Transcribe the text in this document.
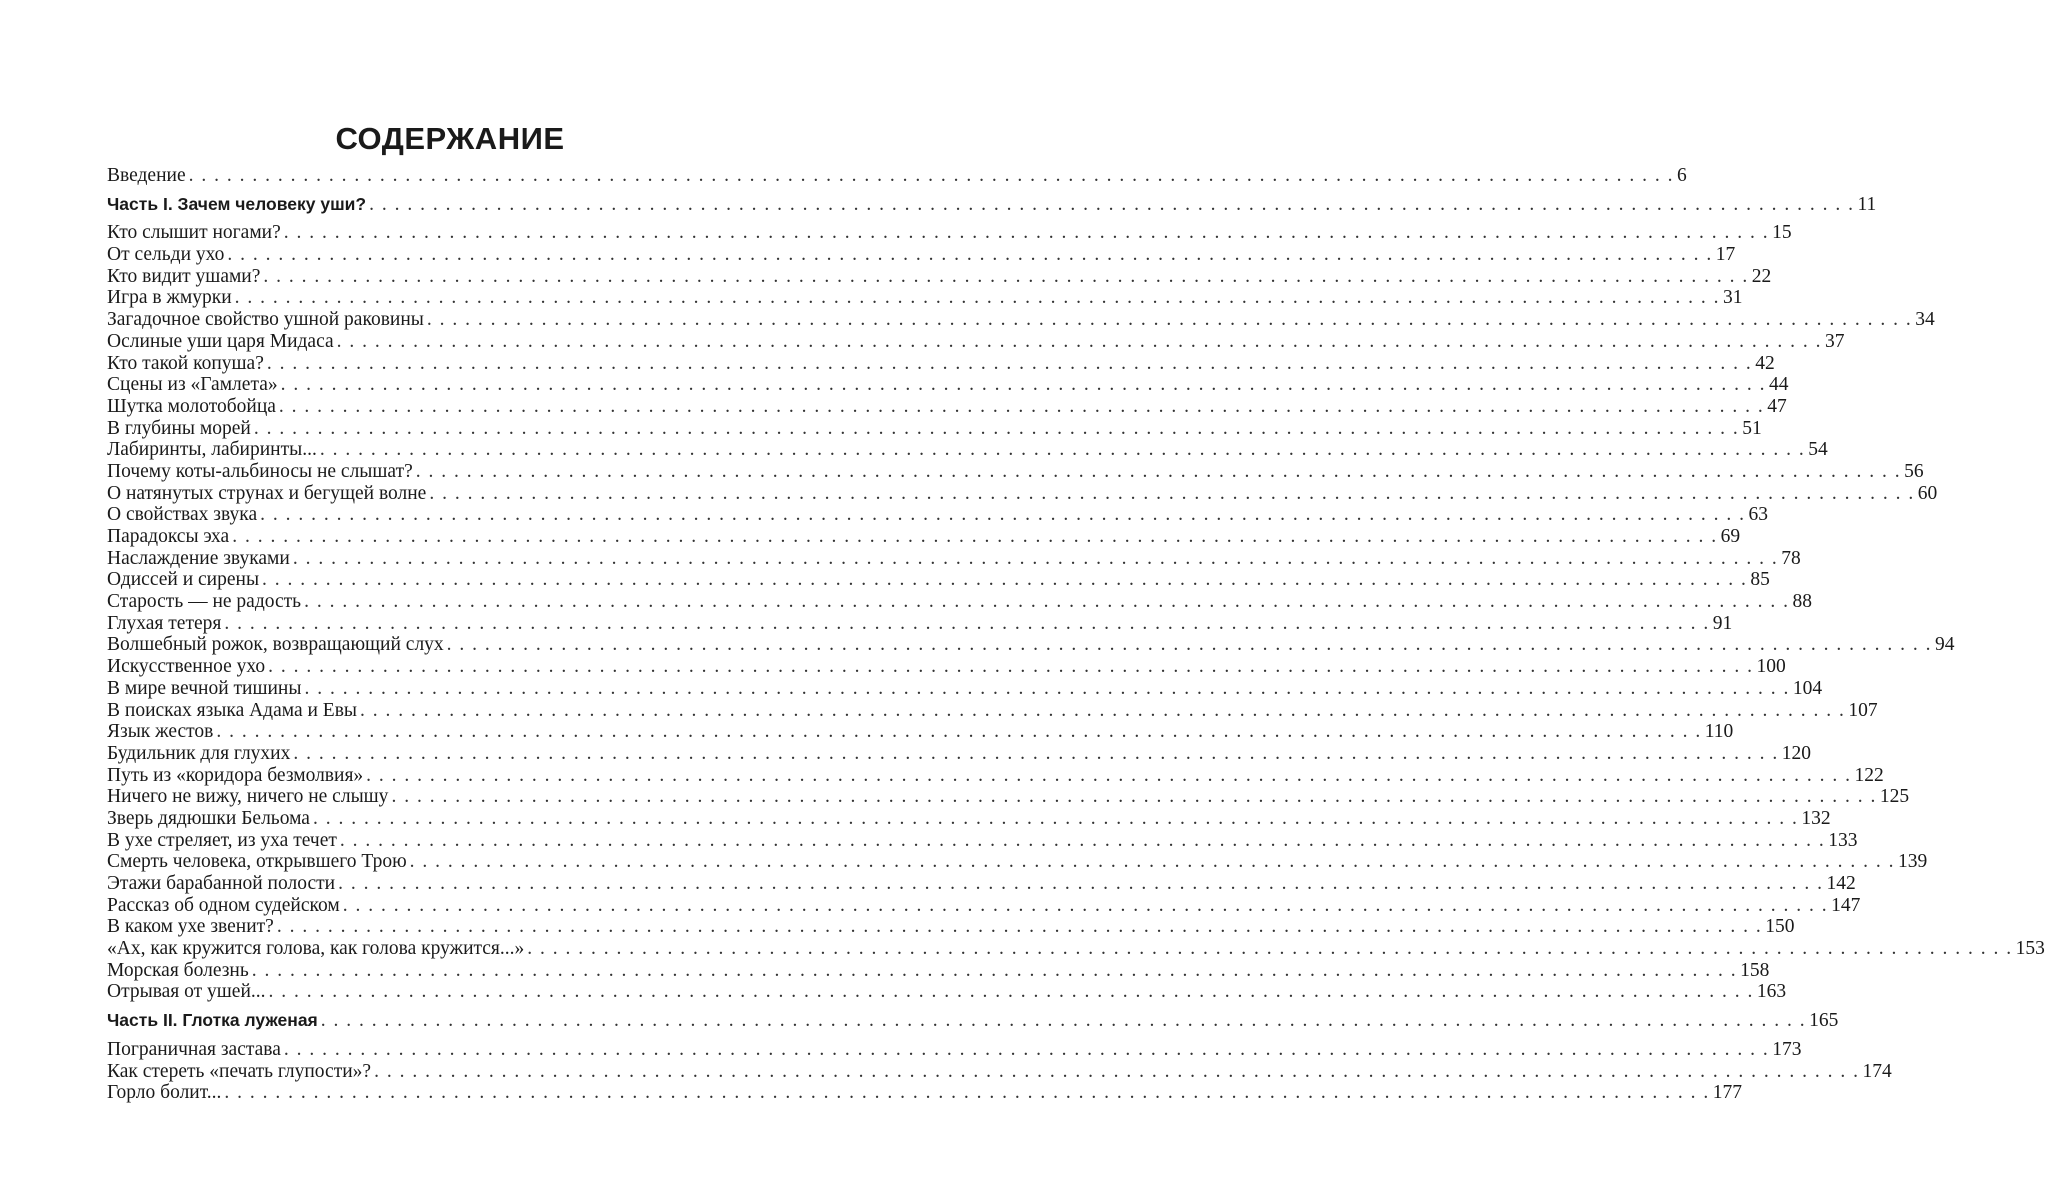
СОДЕРЖАНИЕ
Введение . . . . . . . . . . . . . . . . . . . . . . . . . . . . . . . . . . . . . . . . . . . . . . . . . . . . . . . . . . . . . . . . . . . . . . . . . . . . . . . . . . . . . . . . . . . . . . . . . . . . . . . . . . . . . . . . . . . . . 6
Часть I. Зачем человеку уши? . . . . . . . . . . . . . . . . . . . . . . . . . . . . . . . . . . . . . . . . . . . . . . . . . . . . . . . . . . . . . . . . . . . . . . . . . . . . . . . . . . . . . . . . . . . . . . . . . . . . . . . . . . . . . . . . . . . . . 11
Кто слышит ногами? . . . . . . . . . . . . . . . . . . . . . . . . . . . . . . . . . . . . . . . . . . . . . . . . . . . . . . . . . . . . . . . . . . . . . . . . . . . . . . . . . . . . . . . . . . . . . . . . . . . . . . . . . . . . . . . . . . . . . 15
От сельди ухо . . . . . . . . . . . . . . . . . . . . . . . . . . . . . . . . . . . . . . . . . . . . . . . . . . . . . . . . . . . . . . . . . . . . . . . . . . . . . . . . . . . . . . . . . . . . . . . . . . . . . . . . . . . . . . . . . . . . . 17
Кто видит ушами? . . . . . . . . . . . . . . . . . . . . . . . . . . . . . . . . . . . . . . . . . . . . . . . . . . . . . . . . . . . . . . . . . . . . . . . . . . . . . . . . . . . . . . . . . . . . . . . . . . . . . . . . . . . . . . . . . . . . . 22
Игра в жмурки . . . . . . . . . . . . . . . . . . . . . . . . . . . . . . . . . . . . . . . . . . . . . . . . . . . . . . . . . . . . . . . . . . . . . . . . . . . . . . . . . . . . . . . . . . . . . . . . . . . . . . . . . . . . . . . . . . . . . 31
Загадочное свойство ушной раковины . . . . . . . . . . . . . . . . . . . . . . . . . . . . . . . . . . . . . . . . . . . . . . . . . . . . . . . . . . . . . . . . . . . . . . . . . . . . . . . . . . . . . . . . . . . . . . . . . . . . . . . . . . . . . . . . . . . . . 34
Ослиные уши царя Мидаса . . . . . . . . . . . . . . . . . . . . . . . . . . . . . . . . . . . . . . . . . . . . . . . . . . . . . . . . . . . . . . . . . . . . . . . . . . . . . . . . . . . . . . . . . . . . . . . . . . . . . . . . . . . . . . . . . . . . . 37
Кто такой копуша? . . . . . . . . . . . . . . . . . . . . . . . . . . . . . . . . . . . . . . . . . . . . . . . . . . . . . . . . . . . . . . . . . . . . . . . . . . . . . . . . . . . . . . . . . . . . . . . . . . . . . . . . . . . . . . . . . . . . . 42
Сцены из «Гамлета» . . . . . . . . . . . . . . . . . . . . . . . . . . . . . . . . . . . . . . . . . . . . . . . . . . . . . . . . . . . . . . . . . . . . . . . . . . . . . . . . . . . . . . . . . . . . . . . . . . . . . . . . . . . . . . . . . . . . . 44
Шутка молотобойца . . . . . . . . . . . . . . . . . . . . . . . . . . . . . . . . . . . . . . . . . . . . . . . . . . . . . . . . . . . . . . . . . . . . . . . . . . . . . . . . . . . . . . . . . . . . . . . . . . . . . . . . . . . . . . . . . . . . . 47
В глубины морей . . . . . . . . . . . . . . . . . . . . . . . . . . . . . . . . . . . . . . . . . . . . . . . . . . . . . . . . . . . . . . . . . . . . . . . . . . . . . . . . . . . . . . . . . . . . . . . . . . . . . . . . . . . . . . . . . . . . . 51
Лабиринты, лабиринты... . . . . . . . . . . . . . . . . . . . . . . . . . . . . . . . . . . . . . . . . . . . . . . . . . . . . . . . . . . . . . . . . . . . . . . . . . . . . . . . . . . . . . . . . . . . . . . . . . . . . . . . . . . . . . . . . . . . . . 54
Почему коты-альбиносы не слышат? . . . . . . . . . . . . . . . . . . . . . . . . . . . . . . . . . . . . . . . . . . . . . . . . . . . . . . . . . . . . . . . . . . . . . . . . . . . . . . . . . . . . . . . . . . . . . . . . . . . . . . . . . . . . . . . . . . . . . 56
О натянутых струнах и бегущей волне . . . . . . . . . . . . . . . . . . . . . . . . . . . . . . . . . . . . . . . . . . . . . . . . . . . . . . . . . . . . . . . . . . . . . . . . . . . . . . . . . . . . . . . . . . . . . . . . . . . . . . . . . . . . . . . . . . . . . 60
О свойствах звука . . . . . . . . . . . . . . . . . . . . . . . . . . . . . . . . . . . . . . . . . . . . . . . . . . . . . . . . . . . . . . . . . . . . . . . . . . . . . . . . . . . . . . . . . . . . . . . . . . . . . . . . . . . . . . . . . . . . . 63
Парадоксы эха . . . . . . . . . . . . . . . . . . . . . . . . . . . . . . . . . . . . . . . . . . . . . . . . . . . . . . . . . . . . . . . . . . . . . . . . . . . . . . . . . . . . . . . . . . . . . . . . . . . . . . . . . . . . . . . . . . . . . 69
Наслаждение звуками . . . . . . . . . . . . . . . . . . . . . . . . . . . . . . . . . . . . . . . . . . . . . . . . . . . . . . . . . . . . . . . . . . . . . . . . . . . . . . . . . . . . . . . . . . . . . . . . . . . . . . . . . . . . . . . . . . . . . 78
Одиссей и сирены . . . . . . . . . . . . . . . . . . . . . . . . . . . . . . . . . . . . . . . . . . . . . . . . . . . . . . . . . . . . . . . . . . . . . . . . . . . . . . . . . . . . . . . . . . . . . . . . . . . . . . . . . . . . . . . . . . . . . 85
Старость — не радость . . . . . . . . . . . . . . . . . . . . . . . . . . . . . . . . . . . . . . . . . . . . . . . . . . . . . . . . . . . . . . . . . . . . . . . . . . . . . . . . . . . . . . . . . . . . . . . . . . . . . . . . . . . . . . . . . . . . . 88
Глухая тетеря . . . . . . . . . . . . . . . . . . . . . . . . . . . . . . . . . . . . . . . . . . . . . . . . . . . . . . . . . . . . . . . . . . . . . . . . . . . . . . . . . . . . . . . . . . . . . . . . . . . . . . . . . . . . . . . . . . . . . 91
Волшебный рожок, возвращающий слух . . . . . . . . . . . . . . . . . . . . . . . . . . . . . . . . . . . . . . . . . . . . . . . . . . . . . . . . . . . . . . . . . . . . . . . . . . . . . . . . . . . . . . . . . . . . . . . . . . . . . . . . . . . . . . . . . . . . . 94
Искусственное ухо . . . . . . . . . . . . . . . . . . . . . . . . . . . . . . . . . . . . . . . . . . . . . . . . . . . . . . . . . . . . . . . . . . . . . . . . . . . . . . . . . . . . . . . . . . . . . . . . . . . . . . . . . . . . . . . . . . . . . 100
В мире вечной тишины . . . . . . . . . . . . . . . . . . . . . . . . . . . . . . . . . . . . . . . . . . . . . . . . . . . . . . . . . . . . . . . . . . . . . . . . . . . . . . . . . . . . . . . . . . . . . . . . . . . . . . . . . . . . . . . . . . . . . 104
В поисках языка Адама и Евы . . . . . . . . . . . . . . . . . . . . . . . . . . . . . . . . . . . . . . . . . . . . . . . . . . . . . . . . . . . . . . . . . . . . . . . . . . . . . . . . . . . . . . . . . . . . . . . . . . . . . . . . . . . . . . . . . . . . . 107
Язык жестов . . . . . . . . . . . . . . . . . . . . . . . . . . . . . . . . . . . . . . . . . . . . . . . . . . . . . . . . . . . . . . . . . . . . . . . . . . . . . . . . . . . . . . . . . . . . . . . . . . . . . . . . . . . . . . . . . . . . . 110
Будильник для глухих . . . . . . . . . . . . . . . . . . . . . . . . . . . . . . . . . . . . . . . . . . . . . . . . . . . . . . . . . . . . . . . . . . . . . . . . . . . . . . . . . . . . . . . . . . . . . . . . . . . . . . . . . . . . . . . . . . . . . 120
Путь из «коридора безмолвия» . . . . . . . . . . . . . . . . . . . . . . . . . . . . . . . . . . . . . . . . . . . . . . . . . . . . . . . . . . . . . . . . . . . . . . . . . . . . . . . . . . . . . . . . . . . . . . . . . . . . . . . . . . . . . . . . . . . . . 122
Ничего не вижу, ничего не слышу . . . . . . . . . . . . . . . . . . . . . . . . . . . . . . . . . . . . . . . . . . . . . . . . . . . . . . . . . . . . . . . . . . . . . . . . . . . . . . . . . . . . . . . . . . . . . . . . . . . . . . . . . . . . . . . . . . . . . 125
Зверь дядюшки Бельома . . . . . . . . . . . . . . . . . . . . . . . . . . . . . . . . . . . . . . . . . . . . . . . . . . . . . . . . . . . . . . . . . . . . . . . . . . . . . . . . . . . . . . . . . . . . . . . . . . . . . . . . . . . . . . . . . . . . . 132
В ухе стреляет, из уха течет . . . . . . . . . . . . . . . . . . . . . . . . . . . . . . . . . . . . . . . . . . . . . . . . . . . . . . . . . . . . . . . . . . . . . . . . . . . . . . . . . . . . . . . . . . . . . . . . . . . . . . . . . . . . . . . . . . . . . 133
Смерть человека, открывшего Трою . . . . . . . . . . . . . . . . . . . . . . . . . . . . . . . . . . . . . . . . . . . . . . . . . . . . . . . . . . . . . . . . . . . . . . . . . . . . . . . . . . . . . . . . . . . . . . . . . . . . . . . . . . . . . . . . . . . . . 139
Этажи барабанной полости . . . . . . . . . . . . . . . . . . . . . . . . . . . . . . . . . . . . . . . . . . . . . . . . . . . . . . . . . . . . . . . . . . . . . . . . . . . . . . . . . . . . . . . . . . . . . . . . . . . . . . . . . . . . . . . . . . . . . 142
Рассказ об одном судейском . . . . . . . . . . . . . . . . . . . . . . . . . . . . . . . . . . . . . . . . . . . . . . . . . . . . . . . . . . . . . . . . . . . . . . . . . . . . . . . . . . . . . . . . . . . . . . . . . . . . . . . . . . . . . . . . . . . . . 147
В каком ухе звенит? . . . . . . . . . . . . . . . . . . . . . . . . . . . . . . . . . . . . . . . . . . . . . . . . . . . . . . . . . . . . . . . . . . . . . . . . . . . . . . . . . . . . . . . . . . . . . . . . . . . . . . . . . . . . . . . . . . . . . 150
«Ах, как кружится голова, как голова кружится...» . . . . . . . . . . . . . . . . . . . . . . . . . . . . . . . . . . . . . . . . . . . . . . . . . . . . . . . . . . . . . . . . . . . . . . . . . . . . . . . . . . . . . . . . . . . . . . . . . . . . . . . . . . . . . . . . . . . . . 153
Морская болезнь . . . . . . . . . . . . . . . . . . . . . . . . . . . . . . . . . . . . . . . . . . . . . . . . . . . . . . . . . . . . . . . . . . . . . . . . . . . . . . . . . . . . . . . . . . . . . . . . . . . . . . . . . . . . . . . . . . . . . 158
Отрывая от ушей... . . . . . . . . . . . . . . . . . . . . . . . . . . . . . . . . . . . . . . . . . . . . . . . . . . . . . . . . . . . . . . . . . . . . . . . . . . . . . . . . . . . . . . . . . . . . . . . . . . . . . . . . . . . . . . . . . . . . . 163
Часть II. Глотка луженая . . . . . . . . . . . . . . . . . . . . . . . . . . . . . . . . . . . . . . . . . . . . . . . . . . . . . . . . . . . . . . . . . . . . . . . . . . . . . . . . . . . . . . . . . . . . . . . . . . . . . . . . . . . . . . . . . . . . . 165
Пограничная застава . . . . . . . . . . . . . . . . . . . . . . . . . . . . . . . . . . . . . . . . . . . . . . . . . . . . . . . . . . . . . . . . . . . . . . . . . . . . . . . . . . . . . . . . . . . . . . . . . . . . . . . . . . . . . . . . . . . . . 173
Как стереть «печать глупости»? . . . . . . . . . . . . . . . . . . . . . . . . . . . . . . . . . . . . . . . . . . . . . . . . . . . . . . . . . . . . . . . . . . . . . . . . . . . . . . . . . . . . . . . . . . . . . . . . . . . . . . . . . . . . . . . . . . . . . 174
Горло болит... . . . . . . . . . . . . . . . . . . . . . . . . . . . . . . . . . . . . . . . . . . . . . . . . . . . . . . . . . . . . . . . . . . . . . . . . . . . . . . . . . . . . . . . . . . . . . . . . . . . . . . . . . . . . . . . . . . . . . 177
